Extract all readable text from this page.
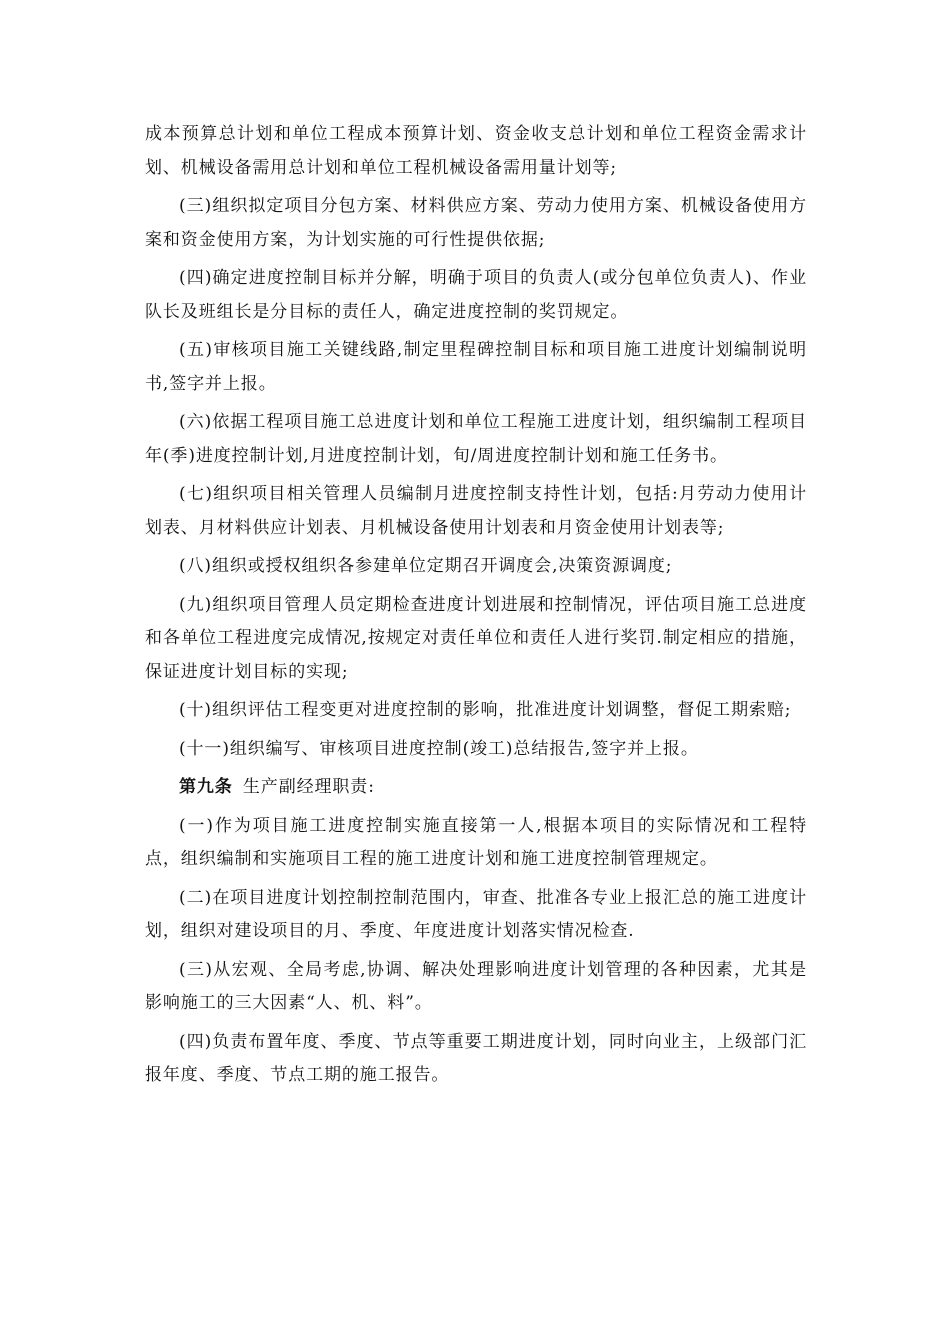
成本预算总计划和单位工程成本预算计划、资金收支总计划和单位工程资金需求计划、机械设备需用总计划和单位工程机械设备需用量计划等;

(三)组织拟定项目分包方案、材料供应方案、劳动力使用方案、机械设备使用方案和资金使用方案，为计划实施的可行性提供依据;

(四)确定进度控制目标并分解，明确于项目的负责人(或分包单位负责人)、作业队长及班组长是分目标的责任人，确定进度控制的奖罚规定。

(五)审核项目施工关键线路,制定里程碑控制目标和项目施工进度计划编制说明书,签字并上报。

(六)依据工程项目施工总进度计划和单位工程施工进度计划，组织编制工程项目年(季)进度控制计划,月进度控制计划，旬/周进度控制计划和施工任务书。

(七)组织项目相关管理人员编制月进度控制支持性计划，包括:月劳动力使用计划表、月材料供应计划表、月机械设备使用计划表和月资金使用计划表等;

(八)组织或授权组织各参建单位定期召开调度会,决策资源调度;

(九)组织项目管理人员定期检查进度计划进展和控制情况，评估项目施工总进度和各单位工程进度完成情况,按规定对责任单位和责任人进行奖罚.制定相应的措施，保证进度计划目标的实现;

(十)组织评估工程变更对进度控制的影响，批准进度计划调整，督促工期索赔;

(十一)组织编写、审核项目进度控制(竣工)总结报告,签字并上报。

第九条 生产副经理职责:

(一)作为项目施工进度控制实施直接第一人,根据本项目的实际情况和工程特点，组织编制和实施项目工程的施工进度计划和施工进度控制管理规定。

(二)在项目进度计划控制控制范围内，审查、批准各专业上报汇总的施工进度计划，组织对建设项目的月、季度、年度进度计划落实情况检查.

(三)从宏观、全局考虑,协调、解决处理影响进度计划管理的各种因素，尤其是影响施工的三大因素“人、机、料”。

(四)负责布置年度、季度、节点等重要工期进度计划，同时向业主，上级部门汇报年度、季度、节点工期的施工报告。
